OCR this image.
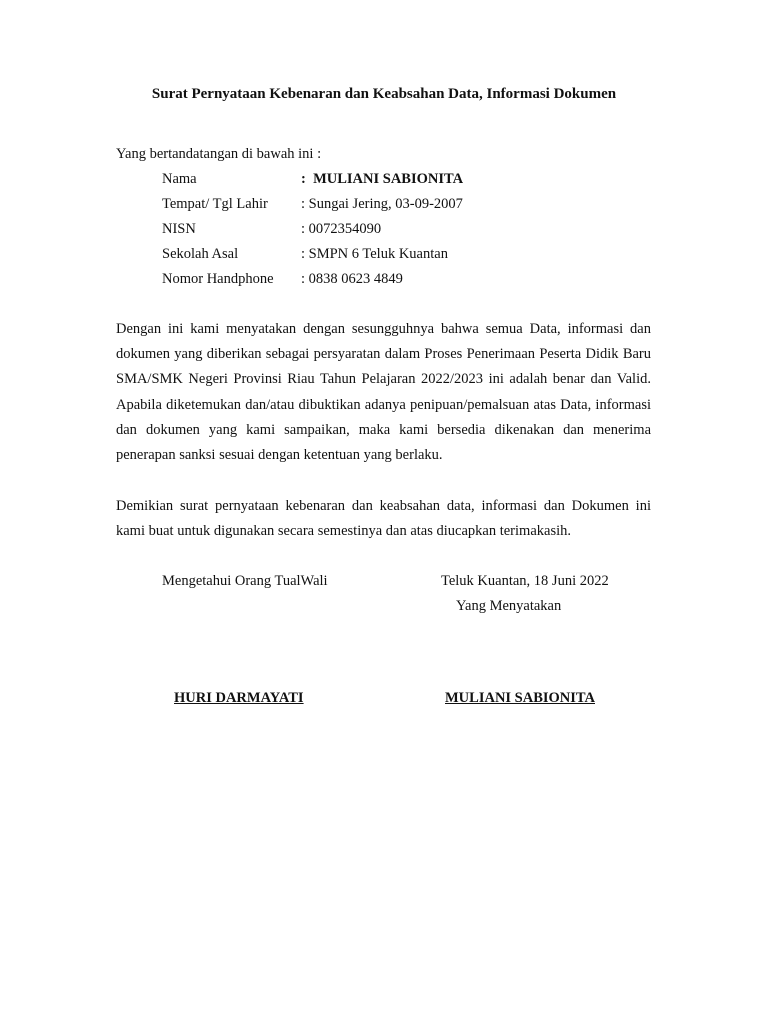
Surat Pernyataan Kebenaran dan Keabsahan Data, Informasi Dokumen
Yang bertandatangan di bawah ini :
Nama	:  MULIANI SABIONITA
Tempat/ Tgl Lahir : Sungai Jering, 03-09-2007
NISN	: 0072354090
Sekolah Asal	: SMPN 6 Teluk Kuantan
Nomor Handphone : 0838 0623 4849
Dengan ini kami menyatakan dengan sesungguhnya bahwa semua Data, informasi dan dokumen yang diberikan sebagai persyaratan dalam Proses Penerimaan Peserta Didik Baru SMA/SMK Negeri Provinsi Riau Tahun Pelajaran 2022/2023 ini adalah benar dan Valid. Apabila diketemukan dan/atau dibuktikan adanya penipuan/pemalsuan atas Data, informasi dan dokumen yang kami sampaikan, maka kami bersedia dikenakan dan menerima penerapan sanksi sesuai dengan ketentuan yang berlaku.
Demikian surat pernyataan kebenaran dan keabsahan data, informasi dan Dokumen ini kami buat untuk digunakan secara semestinya dan atas diucapkan terimakasih.
Mengetahui Orang TualWali	Teluk Kuantan, 18 Juni 2022
Yang Menyatakan
HURI DARMAYATI	MULIANI SABIONITA
